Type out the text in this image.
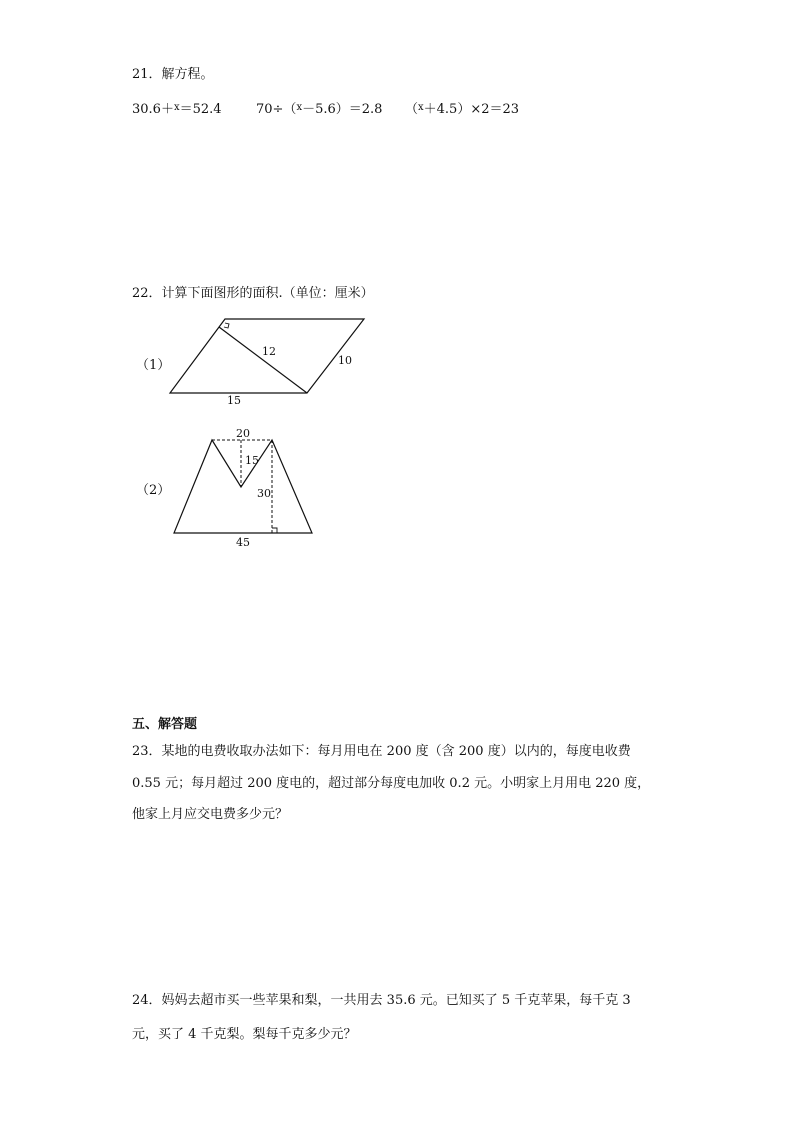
21．解方程。
30.6＋$^x$＝52.4	70÷（$^x$－5.6）＝2.8 （$^x$＋4.5）×2＝23
22．计算下面图形的面积.（单位：厘米）
（1）
（2）
12
10
15
20
15
30
45
五、解答题
23．某地的电费收取办法如下：每月用电在 200 度（含 200 度）以内的，每度电收费
0.55 元；每月超过 200 度电的，超过部分每度电加收 0.2 元。小明家上月用电 220 度，
他家上月应交电费多少元？
24．妈妈去超市买一些苹果和梨，一共用去 35.6 元。已知买了 5 千克苹果，每千克 3
元，买了 4 千克梨。梨每千克多少元？
